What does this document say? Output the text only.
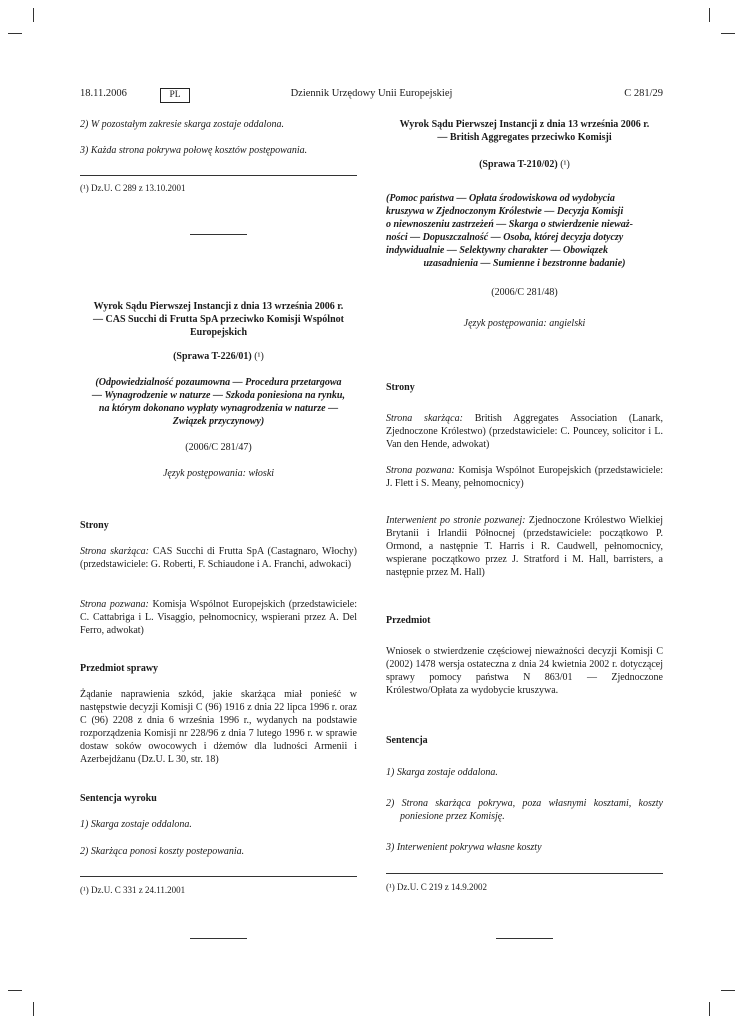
18.11.2006	PL	Dziennik Urzędowy Unii Europejskiej	C 281/29

2) W pozostałym zakresie skarga zostaje oddalona.

3) Każda strona pokrywa połowę kosztów postępowania.

(¹) Dz.U. C 289 z 13.10.2001

Wyrok Sądu Pierwszej Instancji z dnia 13 września 2006 r.
— CAS Succhi di Frutta SpA przeciwko Komisji Wspólnot
Europejskich
(Sprawa T-226/01) (¹)
(Odpowiedzialność pozaumowna — Procedura przetargowa
— Wynagrodzenie w naturze — Szkoda poniesiona na rynku,
na którym dokonano wypłaty wynagrodzenia w naturze —
Związek przyczynowy)
(2006/C 281/47)
Język postępowania: włoski
Strony

Strona skarżąca: CAS Succhi di Frutta SpA (Castagnaro, Włochy) (przedstawiciele: G. Roberti, F. Schiaudone i A. Franchi, adwokaci)

Strona pozwana: Komisja Wspólnot Europejskich (przedstawiciele: C. Cattabriga i L. Visaggio, pełnomocnicy, wspierani przez A. Del Ferro, adwokat)

Przedmiot sprawy

Żądanie naprawienia szkód, jakie skarżąca miał ponieść w następstwie decyzji Komisji C (96) 1916 z dnia 22 lipca 1996 r. oraz C (96) 2208 z dnia 6 września 1996 r., wydanych na podstawie rozporządzenia Komisji nr 228/96 z dnia 7 lutego 1996 r. w sprawie dostaw soków owocowych i dżemów dla ludności Armenii i Azerbejdżanu (Dz.U. L 30, str. 18)

Sentencja wyroku

1) Skarga zostaje oddalona.

2) Skarżąca ponosi koszty postepowania.

(¹) Dz.U. C 331 z 24.11.2001

Wyrok Sądu Pierwszej Instancji z dnia 13 września 2006 r.
— British Aggregates przeciwko Komisji
(Sprawa T-210/02) (¹)
(Pomoc państwa — Opłata środowiskowa od wydobycia
kruszywa w Zjednoczonym Królestwie — Decyzja Komisji
o niewnoszeniu zastrzeżeń — Skarga o stwierdzenie nieważ-
ności — Dopuszczalność — Osoba, której decyzja dotyczy
indywidualnie — Selektywny charakter — Obowiązek
uzasadnienia — Sumienne i bezstronne badanie)
(2006/C 281/48)
Język postępowania: angielski
Strony

Strona skarżąca: British Aggregates Association (Lanark, Zjednoczone Królestwo) (przedstawiciele: C. Pouncey, solicitor i L. Van den Hende, adwokat)

Strona pozwana: Komisja Wspólnot Europejskich (przedstawiciele: J. Flett i S. Meany, pełnomocnicy)

Interwenient po stronie pozwanej: Zjednoczone Królestwo Wielkiej Brytanii i Irlandii Północnej (przedstawiciele: początkowo P. Ormond, a następnie T. Harris i R. Caudwell, pełnomocnicy, wspierane początkowo przez J. Stratford i M. Hall, barristers, a następnie przez M. Hall)

Przedmiot

Wniosek o stwierdzenie częściowej nieważności decyzji Komisji C (2002) 1478 wersja ostateczna z dnia 24 kwietnia 2002 r. dotyczącej sprawy pomocy państwa N 863/01 — Zjednoczone Królestwo/Opłata za wydobycie kruszywa.

Sentencja

1) Skarga zostaje oddalona.

2) Strona skarżąca pokrywa, poza własnymi kosztami, koszty poniesione przez Komisję.

3) Interwenient pokrywa własne koszty

(¹) Dz.U. C 219 z 14.9.2002
